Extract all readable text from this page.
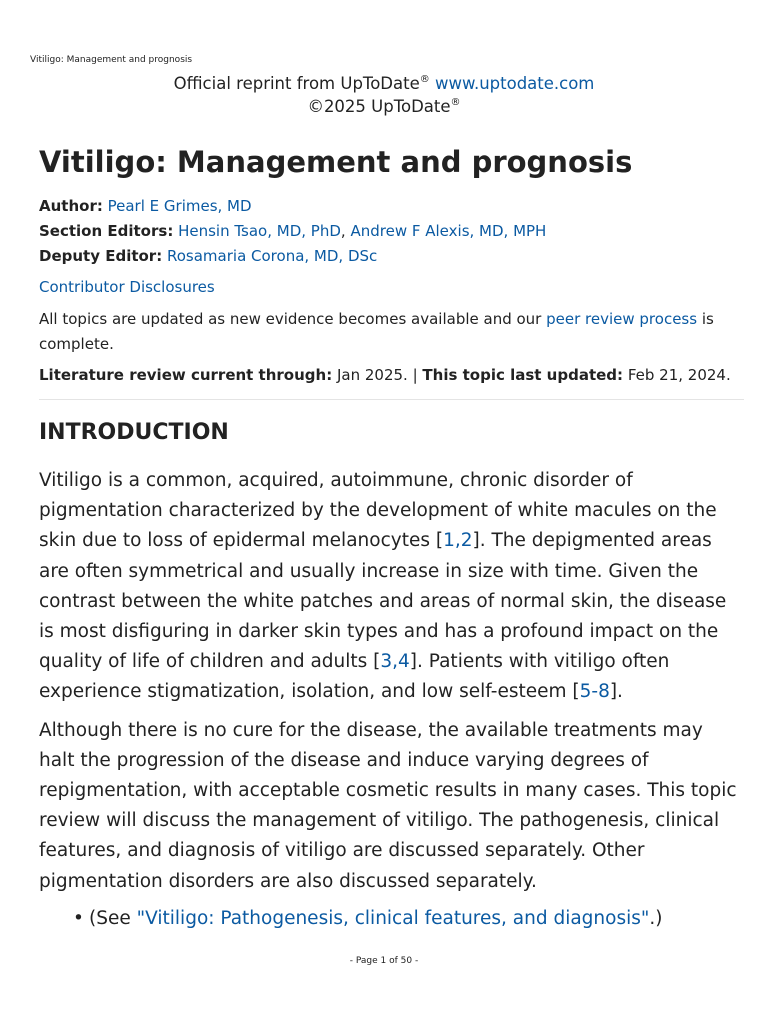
Vitiligo: Management and prognosis
Official reprint from UpToDate® www.uptodate.com
©2025 UpToDate®
Vitiligo: Management and prognosis
Author: Pearl E Grimes, MD
Section Editors: Hensin Tsao, MD, PhD, Andrew F Alexis, MD, MPH
Deputy Editor: Rosamaria Corona, MD, DSc
Contributor Disclosures
All topics are updated as new evidence becomes available and our peer review process is complete.
Literature review current through: Jan 2025. | This topic last updated: Feb 21, 2024.
INTRODUCTION
Vitiligo is a common, acquired, autoimmune, chronic disorder of pigmentation characterized by the development of white macules on the skin due to loss of epidermal melanocytes [1,2]. The depigmented areas are often symmetrical and usually increase in size with time. Given the contrast between the white patches and areas of normal skin, the disease is most disfiguring in darker skin types and has a profound impact on the quality of life of children and adults [3,4]. Patients with vitiligo often experience stigmatization, isolation, and low self-esteem [5-8].
Although there is no cure for the disease, the available treatments may halt the progression of the disease and induce varying degrees of repigmentation, with acceptable cosmetic results in many cases. This topic review will discuss the management of vitiligo. The pathogenesis, clinical features, and diagnosis of vitiligo are discussed separately. Other pigmentation disorders are also discussed separately.
• (See "Vitiligo: Pathogenesis, clinical features, and diagnosis".)
- Page 1 of 50 -
